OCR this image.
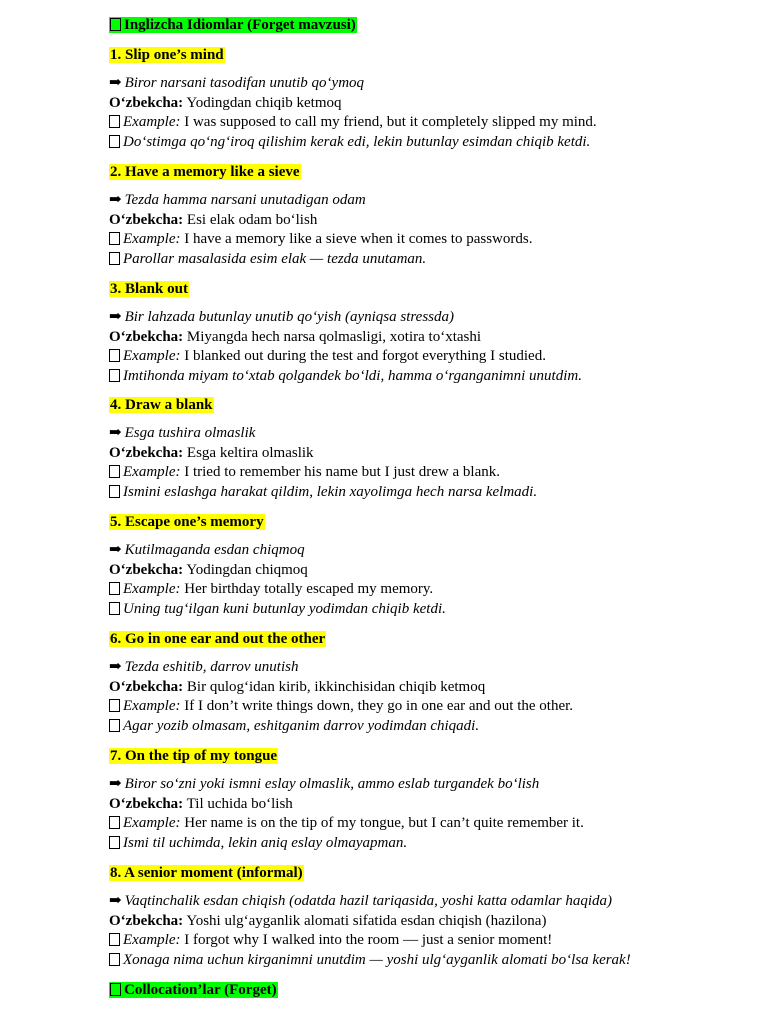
Inglizcha Idiomlar (Forget mavzusi)
1. Slip one’s mind
➡ Biror narsani tasodifan unutib qo‘ymoq
O‘zbekcha: Yodingdan chiqib ketmoq
Example: I was supposed to call my friend, but it completely slipped my mind.
Do‘stimga qo‘ng‘iroq qilishim kerak edi, lekin butunlay esimdan chiqib ketdi.
2. Have a memory like a sieve
➡ Tezda hamma narsani unutadigan odam
O‘zbekcha: Esi elak odam bo‘lish
Example: I have a memory like a sieve when it comes to passwords.
Parollar masalasida esim elak — tezda unutaman.
3. Blank out
➡ Bir lahzada butunlay unutib qo‘yish (ayniqsa stressda)
O‘zbekcha: Miyangda hech narsa qolmasligi, xotira to‘xtashi
Example: I blanked out during the test and forgot everything I studied.
Imtihonda miyam to‘xtab qolgandek bo‘ldi, hamma o‘rganganimni unutdim.
4. Draw a blank
➡ Esga tushira olmaslik
O‘zbekcha: Esga keltira olmaslik
Example: I tried to remember his name but I just drew a blank.
Ismini eslashga harakat qildim, lekin xayolimga hech narsa kelmadi.
5. Escape one’s memory
➡ Kutilmaganda esdan chiqmoq
O‘zbekcha: Yodingdan chiqmoq
Example: Her birthday totally escaped my memory.
Uning tug‘ilgan kuni butunlay yodimdan chiqib ketdi.
6. Go in one ear and out the other
➡ Tezda eshitib, darrov unutish
O‘zbekcha: Bir qulog‘idan kirib, ikkinchisidan chiqib ketmoq
Example: If I don’t write things down, they go in one ear and out the other.
Agar yozib olmasam, eshitganim darrov yodimdan chiqadi.
7. On the tip of my tongue
➡ Biror so‘zni yoki ismni eslay olmaslik, ammo eslab turgandek bo‘lish
O‘zbekcha: Til uchida bo‘lish
Example: Her name is on the tip of my tongue, but I can’t quite remember it.
Ismi til uchimda, lekin aniq eslay olmayapman.
8. A senior moment (informal)
➡ Vaqtinchalik esdan chiqish (odatda hazil tariqasida, yoshi katta odamlar haqida)
O‘zbekcha: Yoshi ulg‘ayganlik alomati sifatida esdan chiqish (hazilona)
Example: I forgot why I walked into the room — just a senior moment!
Xonaga nima uchun kirganimni unutdim — yoshi ulg‘ayganlik alomati bo‘lsa kerak!
Collocation’lar (Forget)
